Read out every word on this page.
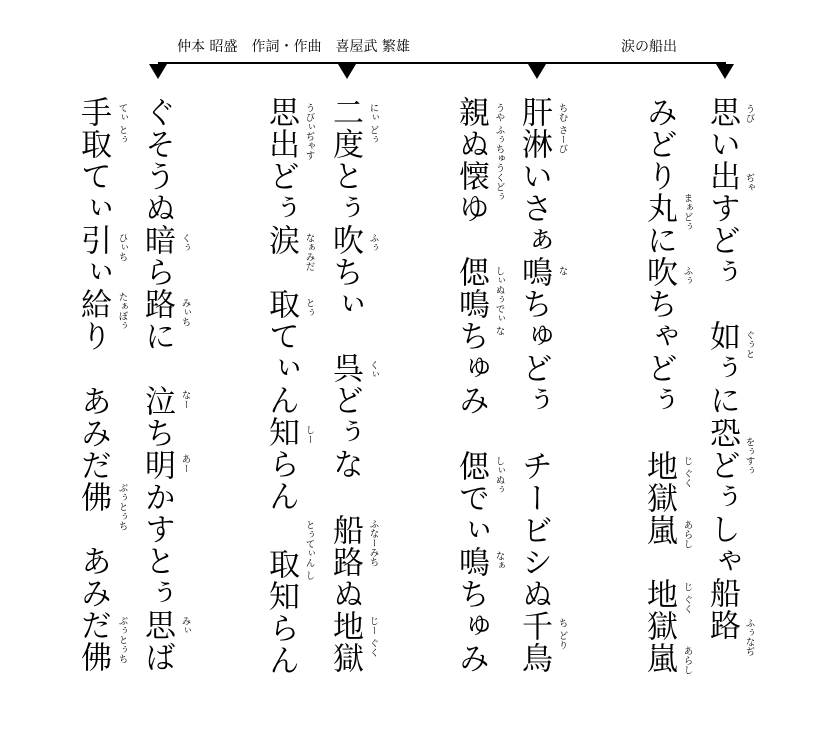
仲本 昭盛　作詞・作曲　喜屋武 繁雄	涙の船出
思い出すどぅ　如ぅに
恐どぅしゃ船路
みどり丸に吹ちゃどぅ
地獄嵐　地獄嵐
肝淋いさぁ鳴ちゅどぅ
チービシぬ千鳥
親ぬ懐ゆ　偲鳴ちゅみ
偲でぃ鳴ちゅみ
二度とぅ吹ちぃ　呉どぅな
船路ぬ地獄
思出どぅ涙　取てぃん知らん
取知らん
ぐそうぬ暗ら路に
泣ち明かすとぅ思ば
手取てぃ引ぃ給り
あみだ佛　あみだ佛
うび
ぢゃ
ぐぅと
をぅすぅ
ふぅなぢ
まぁどぅ
ふぅ
じ ぐく
あらし
じ ぐく
あらし
ちむ さーび
な
ち どり
うや ふぅちゅうくどぅ
しぃぬぅでぃ な
しぃぬぅ
なぁ
にぃ どぅ
ふぅ
くぃ
ふなーみち
じー ぐく
うびぃぢゃす
なぁみだ
とぅ
しー
とぅてぃん し
くぅ
みぃち
なー
あー
みぃ
てぃ とぅ
ひぃち
たぁぼぅ
ぶぅとぅち
ぶぅとぅち
